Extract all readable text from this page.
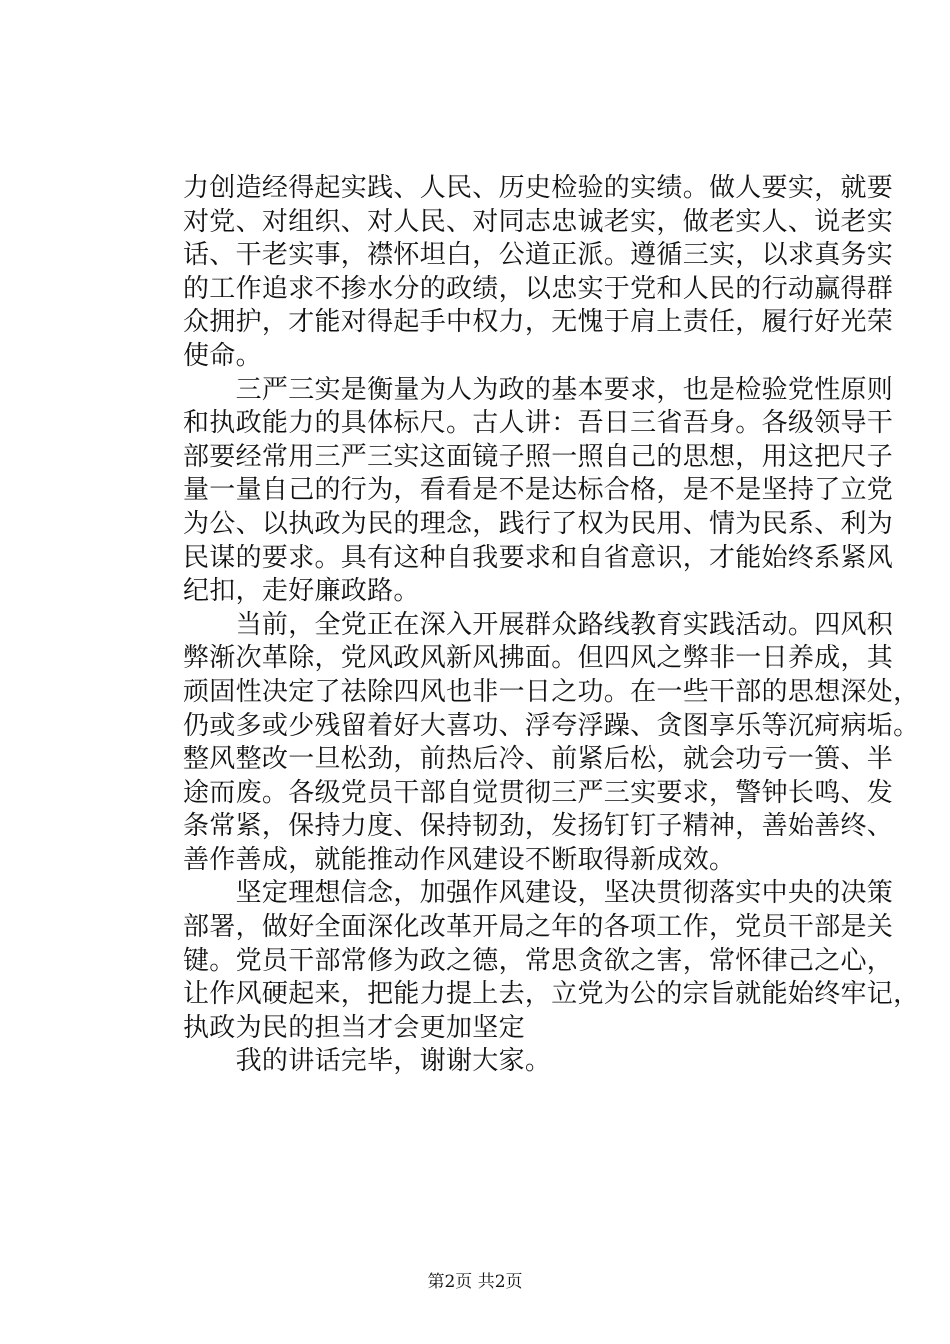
力创造经得起实践、人民、历史检验的实绩。做人要实，就要
对党、对组织、对人民、对同志忠诚老实，做老实人、说老实
话、干老实事，襟怀坦白，公道正派。遵循三实，以求真务实
的工作追求不掺水分的政绩，以忠实于党和人民的行动赢得群
众拥护，才能对得起手中权力，无愧于肩上责任，履行好光荣
使命。
　　三严三实是衡量为人为政的基本要求，也是检验党性原则
和执政能力的具体标尺。古人讲：吾日三省吾身。各级领导干
部要经常用三严三实这面镜子照一照自己的思想，用这把尺子
量一量自己的行为，看看是不是达标合格，是不是坚持了立党
为公、以执政为民的理念，践行了权为民用、情为民系、利为
民谋的要求。具有这种自我要求和自省意识，才能始终系紧风
纪扣，走好廉政路。
　　当前，全党正在深入开展群众路线教育实践活动。四风积
弊渐次革除，党风政风新风拂面。但四风之弊非一日养成，其
顽固性决定了祛除四风也非一日之功。在一些干部的思想深处，
仍或多或少残留着好大喜功、浮夸浮躁、贪图享乐等沉疴病垢。
整风整改一旦松劲，前热后冷、前紧后松，就会功亏一篑、半
途而废。各级党员干部自觉贯彻三严三实要求，警钟长鸣、发
条常紧，保持力度、保持韧劲，发扬钉钉子精神，善始善终、
善作善成，就能推动作风建设不断取得新成效。
　　坚定理想信念，加强作风建设，坚决贯彻落实中央的决策
部署，做好全面深化改革开局之年的各项工作，党员干部是关
键。党员干部常修为政之德，常思贪欲之害，常怀律己之心，
让作风硬起来，把能力提上去，立党为公的宗旨就能始终牢记，
执政为民的担当才会更加坚定
　　我的讲话完毕，谢谢大家。
第2页 共2页
